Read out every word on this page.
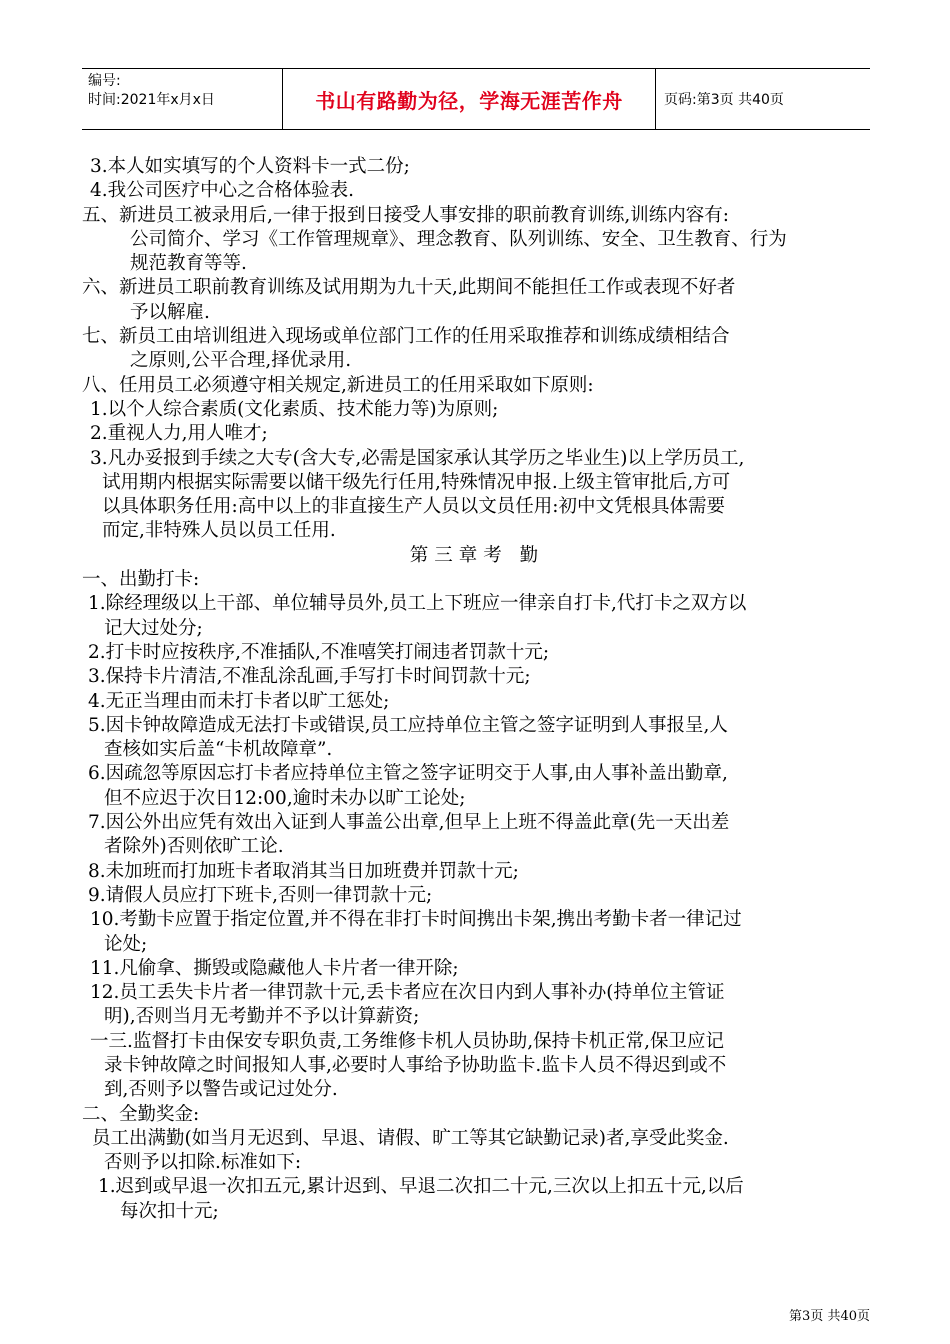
编号:
时间:2021年x月x日	书山有路勤为径，学海无涯苦作舟	页码:第3页 共40页

3.本人如实填写的个人资料卡一式二份;

4.我公司医疗中心之合格体验表.

五、新进员工被录用后,一律于报到日接受人事安排的职前教育训练,训练内容有:

公司简介、学习《工作管理规章》、理念教育、队列训练、安全、卫生教育、行为

规范教育等等.

六、新进员工职前教育训练及试用期为九十天,此期间不能担任工作或表现不好者

予以解雇.

七、新员工由培训组进入现场或单位部门工作的任用采取推荐和训练成绩相结合

之原则,公平合理,择优录用.

八、任用员工必须遵守相关规定,新进员工的任用采取如下原则:

1.以个人综合素质(文化素质、技术能力等)为原则;

2.重视人力,用人唯才;

3.凡办妥报到手续之大专(含大专,必需是国家承认其学历之毕业生)以上学历员工,

试用期内根据实际需要以储干级先行任用,特殊情况申报.上级主管审批后,方可

以具体职务任用:高中以上的非直接生产人员以文员任用:初中文凭根具体需要

而定,非特殊人员以员工任用.

第三章考 勤

一、出勤打卡:

1.除经理级以上干部、单位辅导员外,员工上下班应一律亲自打卡,代打卡之双方以

记大过处分;

2.打卡时应按秩序,不准插队,不准嘻笑打闹违者罚款十元;

3.保持卡片清洁,不准乱涂乱画,手写打卡时间罚款十元;

4.无正当理由而未打卡者以旷工惩处;

5.因卡钟故障造成无法打卡或错误,员工应持单位主管之签字证明到人事报呈,人

查核如实后盖“卡机故障章”.

6.因疏忽等原因忘打卡者应持单位主管之签字证明交于人事,由人事补盖出勤章,

但不应迟于次日12:00,逾时未办以旷工论处;

7.因公外出应凭有效出入证到人事盖公出章,但早上上班不得盖此章(先一天出差

者除外)否则依旷工论.

8.未加班而打加班卡者取消其当日加班费并罚款十元;

9.请假人员应打下班卡,否则一律罚款十元;

10.考勤卡应置于指定位置,并不得在非打卡时间携出卡架,携出考勤卡者一律记过

论处;

11.凡偷拿、撕毁或隐藏他人卡片者一律开除;

12.员工丢失卡片者一律罚款十元,丢卡者应在次日内到人事补办(持单位主管证

明),否则当月无考勤并不予以计算薪资;

一三.监督打卡由保安专职负责,工务维修卡机人员协助,保持卡机正常,保卫应记

录卡钟故障之时间报知人事,必要时人事给予协助监卡.监卡人员不得迟到或不

到,否则予以警告或记过处分.

二、全勤奖金:

员工出满勤(如当月无迟到、早退、请假、旷工等其它缺勤记录)者,享受此奖金.

否则予以扣除.标准如下:

1.迟到或早退一次扣五元,累计迟到、早退二次扣二十元,三次以上扣五十元,以后

每次扣十元;

第3页 共40页
